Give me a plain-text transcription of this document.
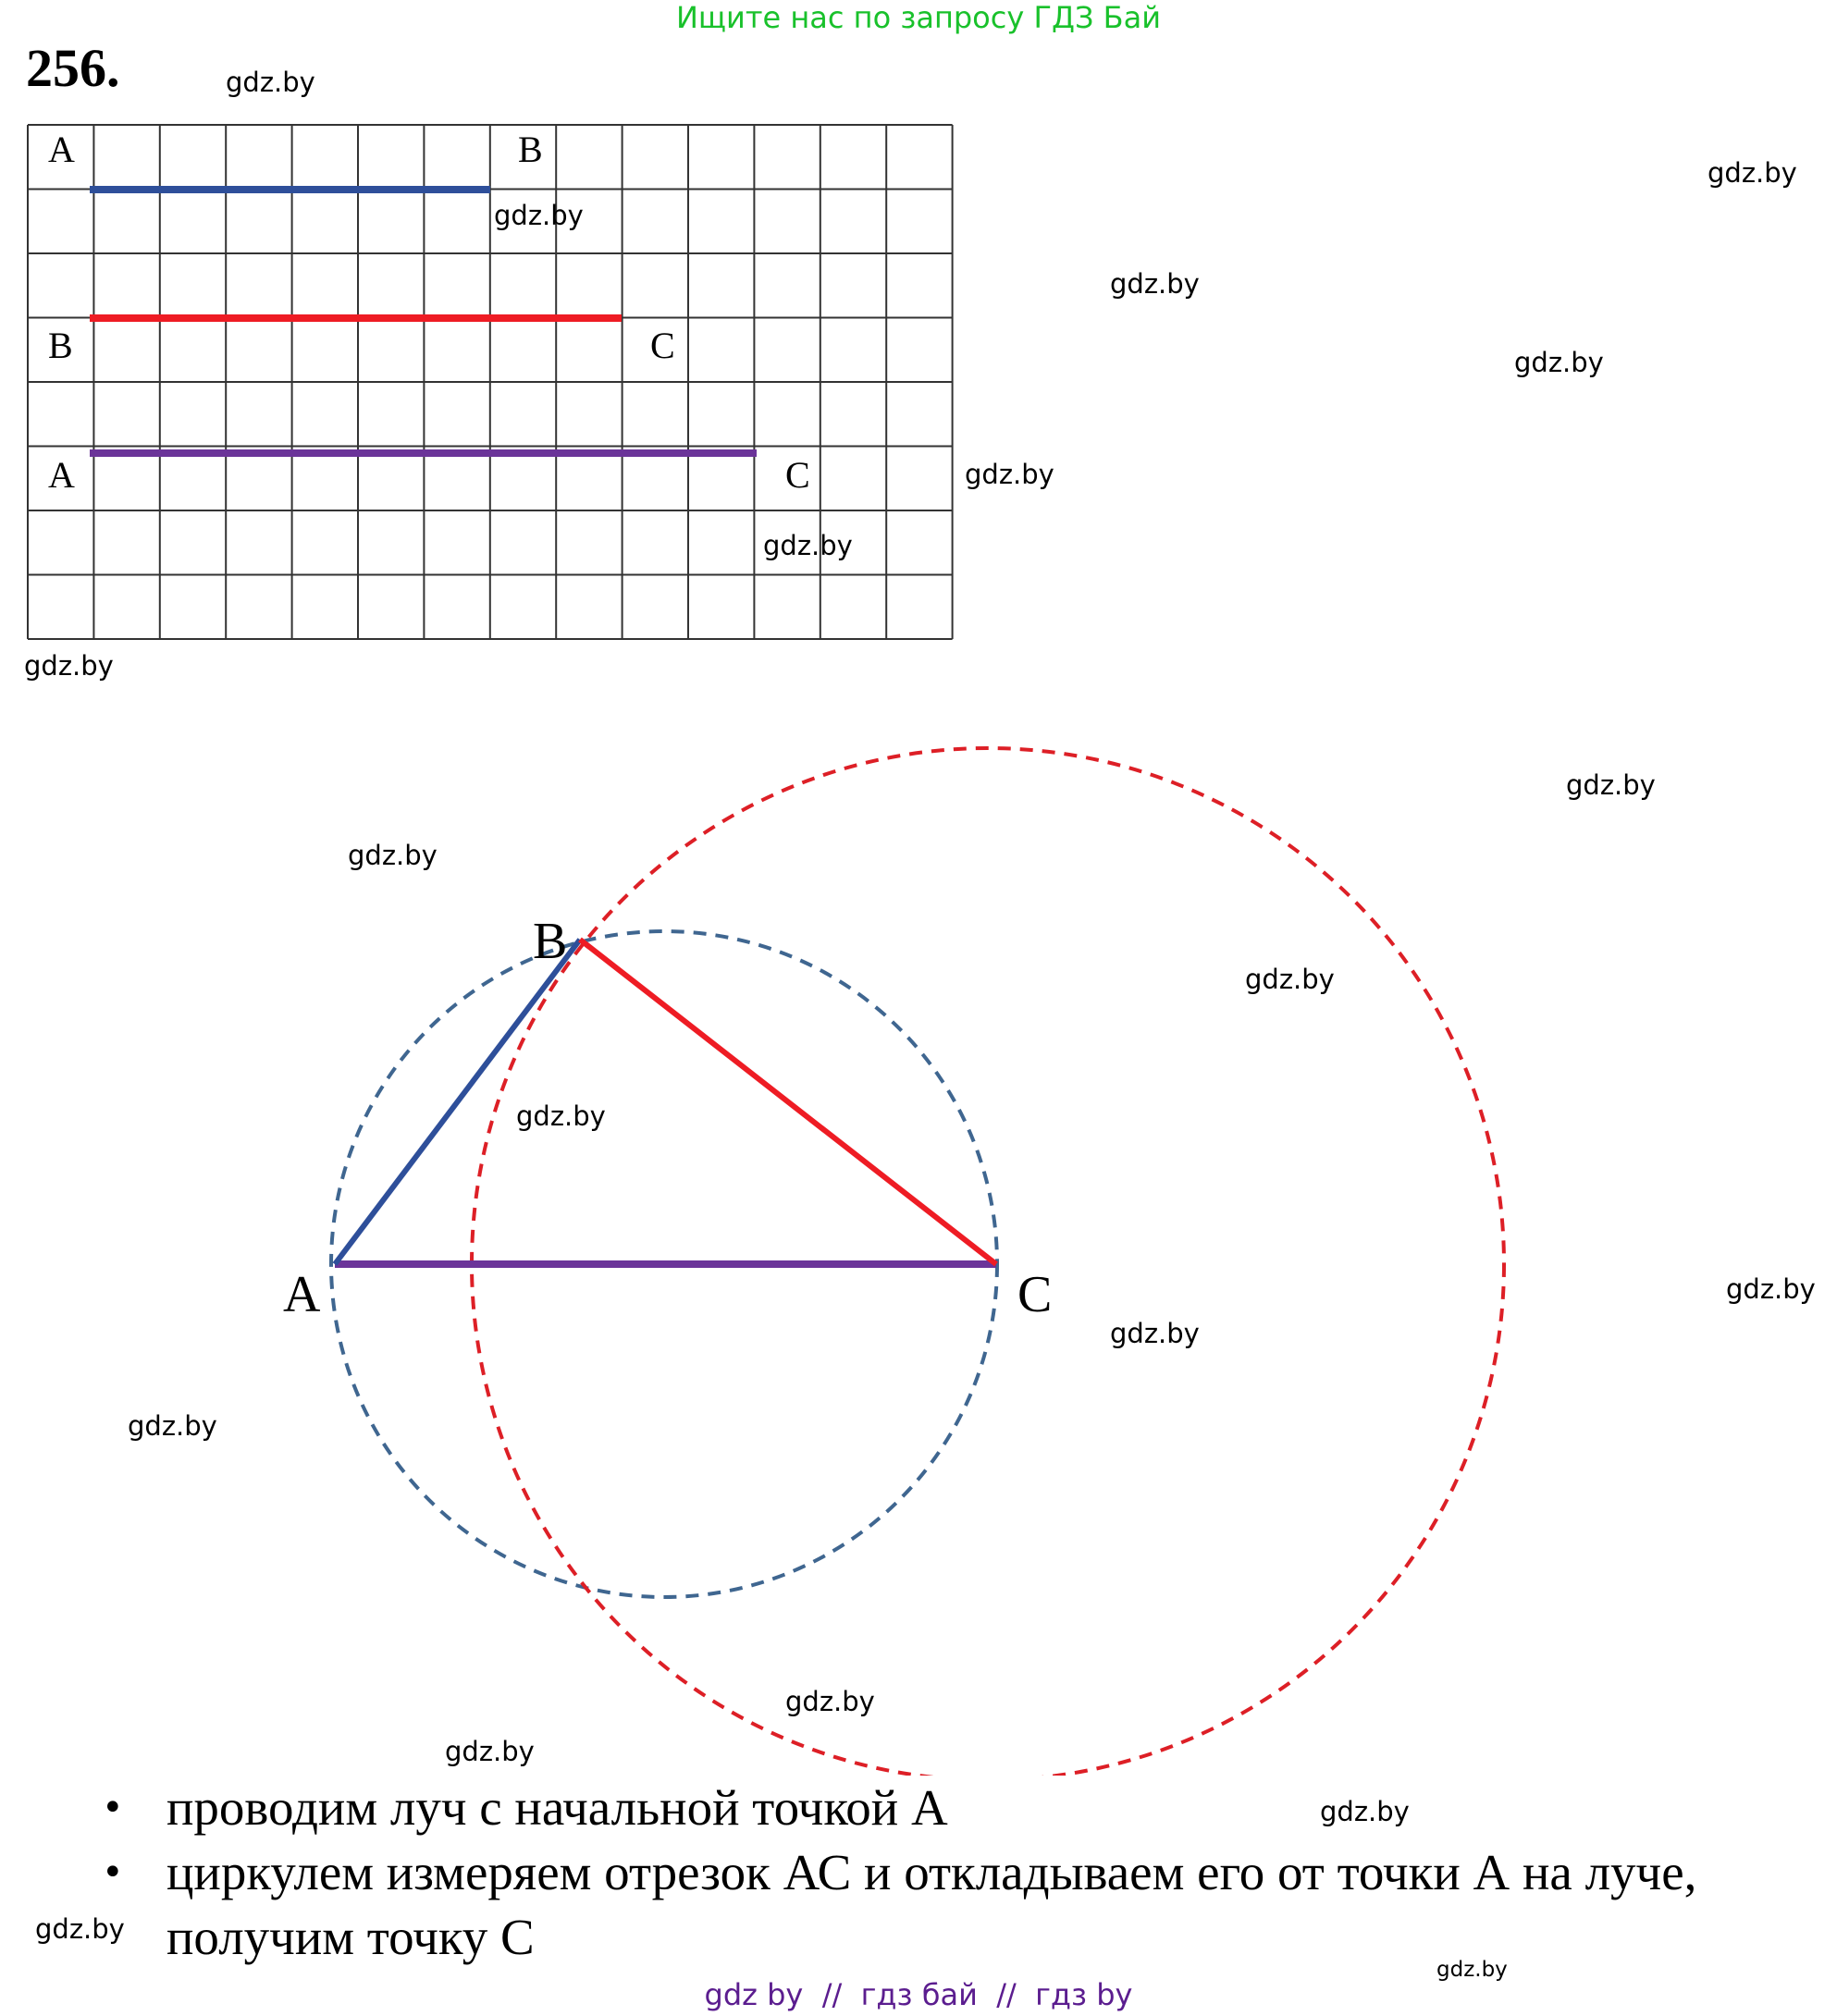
Ищите нас по запросу ГДЗ Бай
256.
A	B
B	C
A	C
B
A	C
gdz.by
gdz.by
gdz.by
gdz.by
gdz.by
gdz.by
gdz.by
gdz.by
gdz.by
gdz.by
gdz.by
gdz.by
gdz.by
gdz.by
gdz.by
gdz.by
gdz.by
gdz.by
gdz.by
gdz.by
• проводим луч с начальной точкой А
• циркулем измеряем отрезок АС и откладываем его от точки А на луче, получим точку С
gdz by  //  гдз бай  //  гдз by
